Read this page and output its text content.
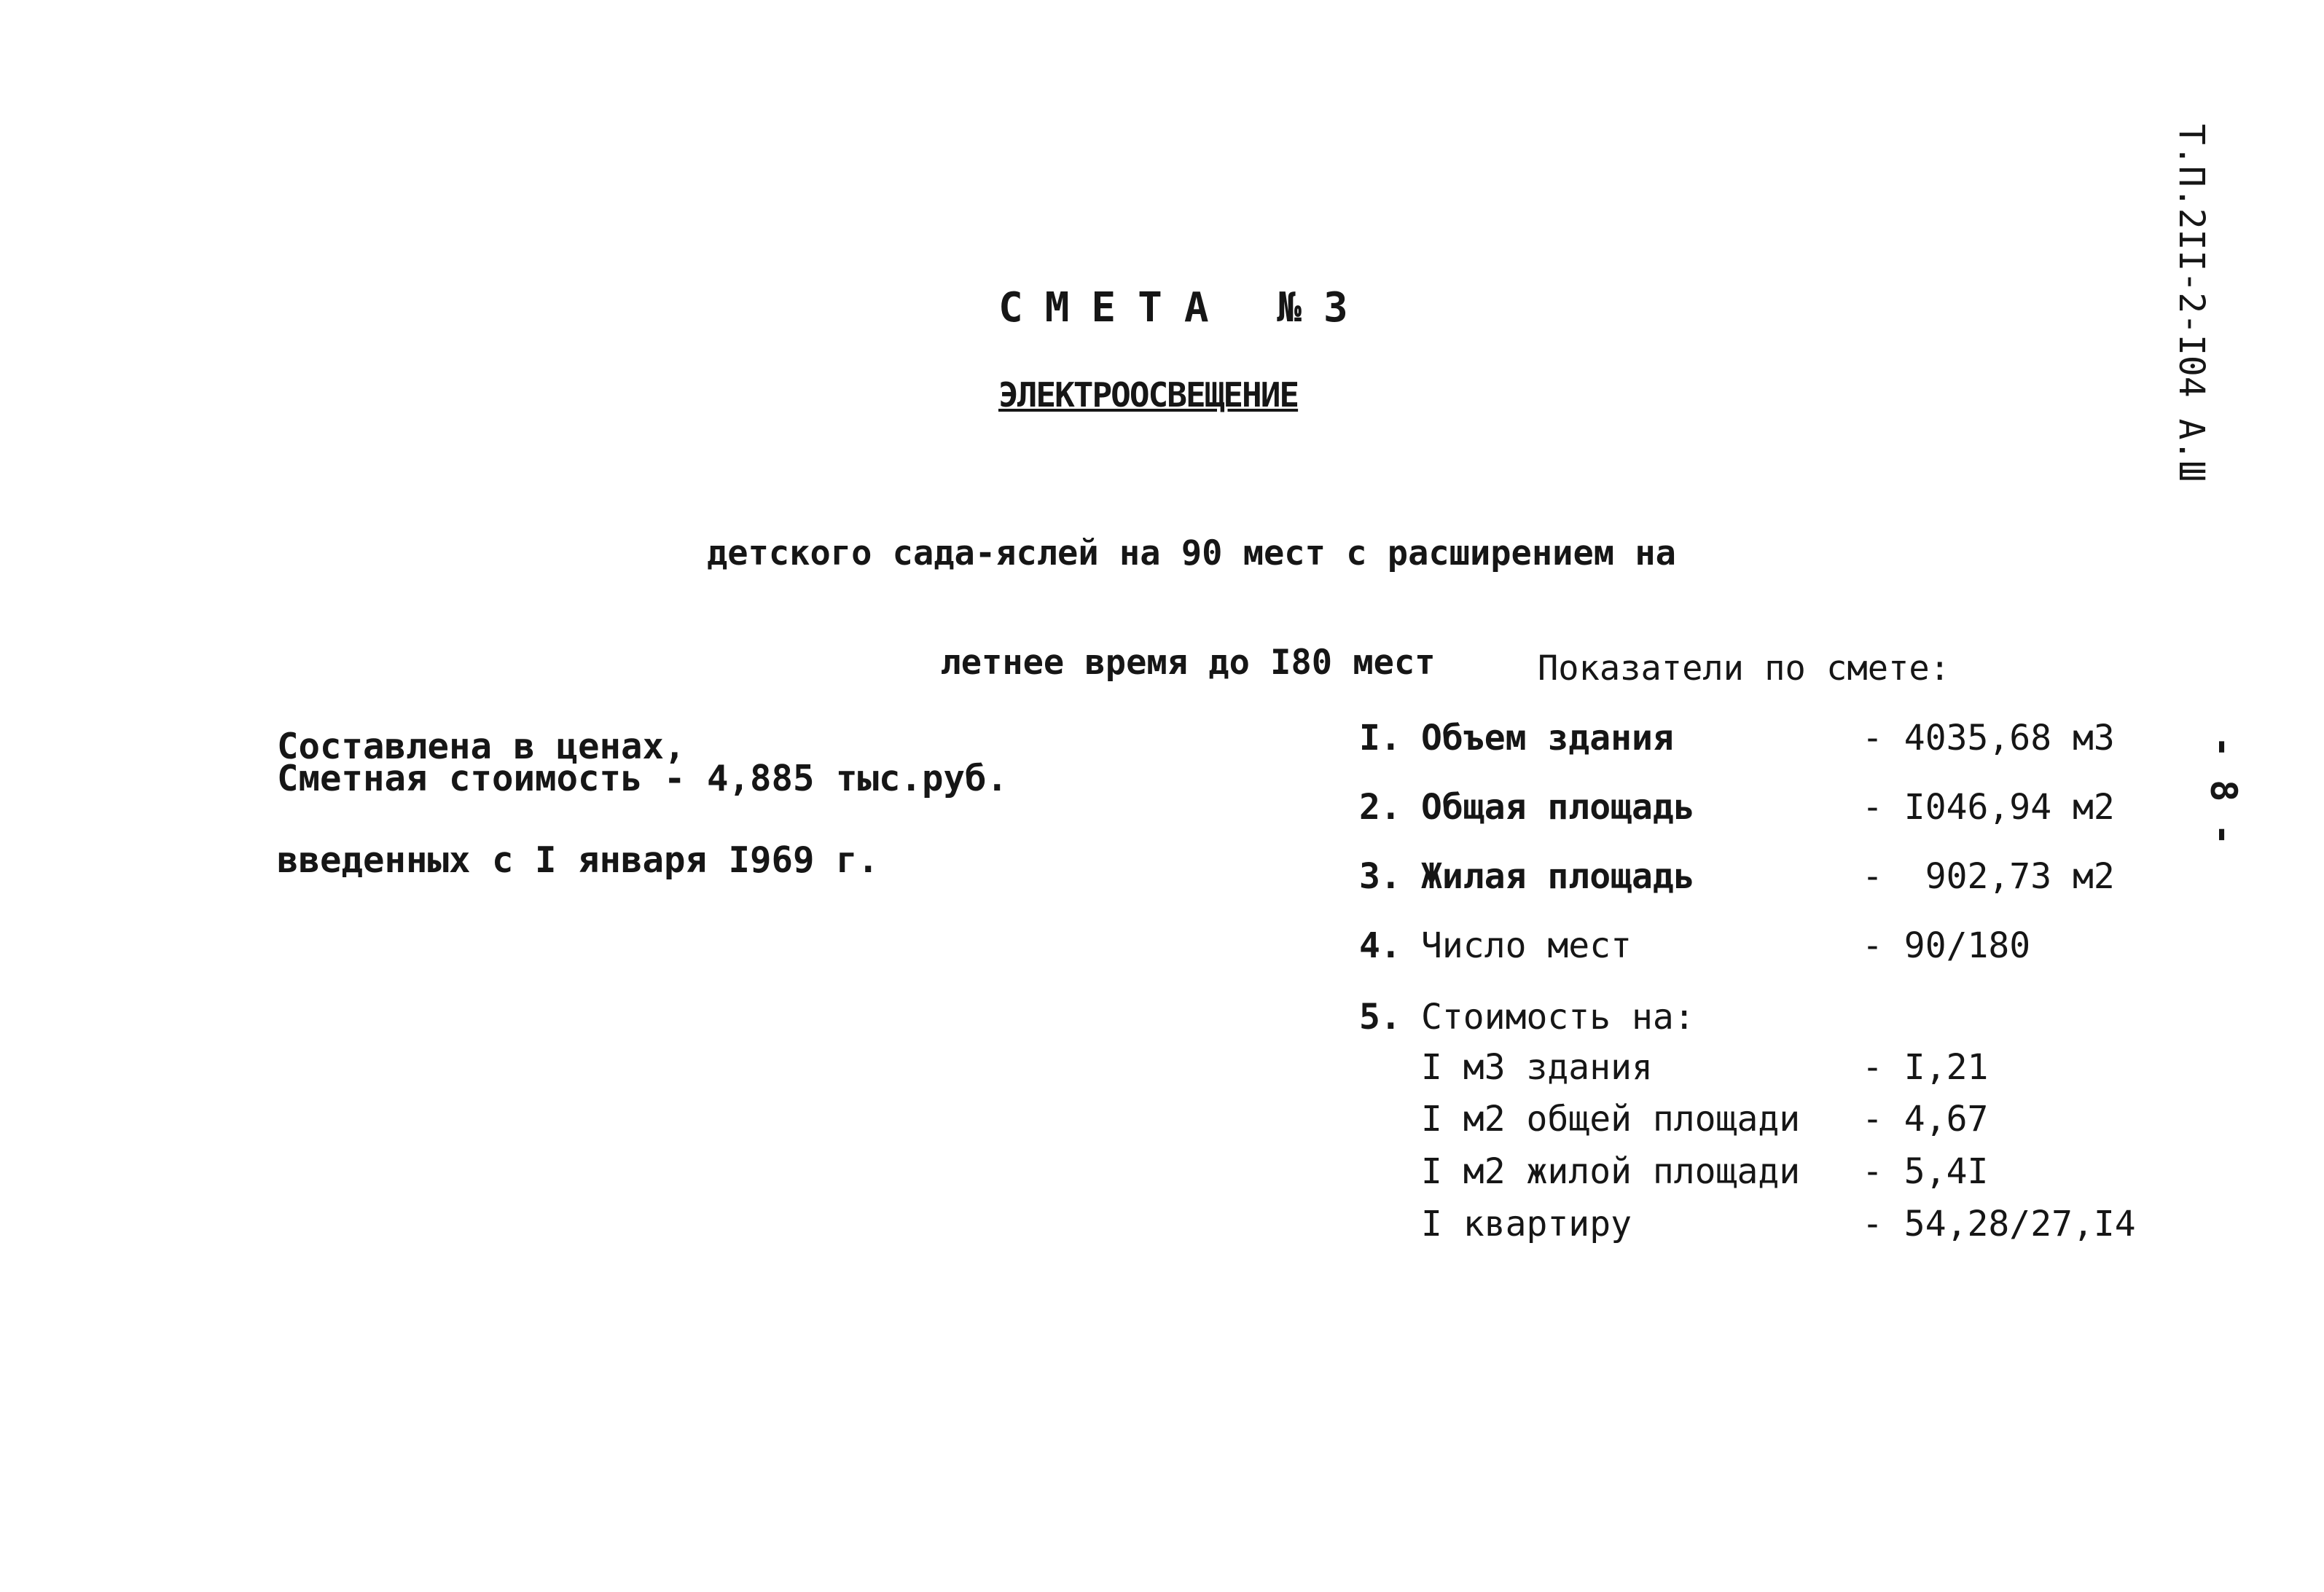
СМЕТА №3
ЭЛЕКТРООСВЕЩЕНИЕ

детского сада-яслей на 90 мест с расширением на

летнее время до I80 мест

Составлена в ценах,

введенных с I января I969 г.

Сметная стоимость - 4,885 тыс.руб.
Показатели по смете:
I. Объем здания	- 4035,68 м3
2. Общая площадь	- I046,94 м2
3. Жилая площадь	-  902,73 м2
4. Число мест	- 90/180
5. Стоимость на:
I м3 здания	- I,21
I м2 общей площади - 4,67
I м2 жилой площади - 5,4I
I квартиру	- 54,28/27,I4
Т.П.2II-2-I04 А.Ш
- 8 -
